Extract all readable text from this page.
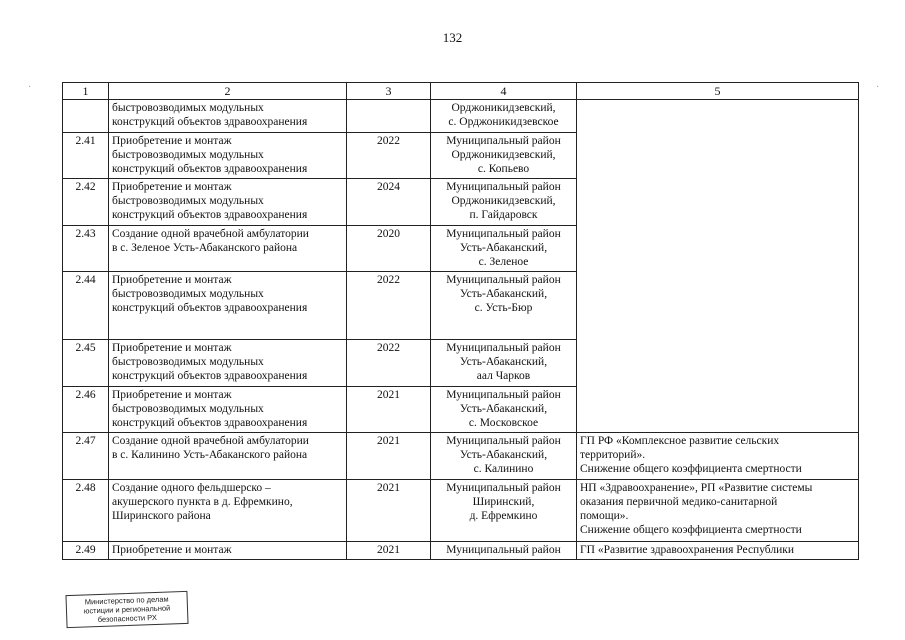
132
·	·
1	2	3	4	5

	быстровозводимых модульных
конструкций объектов здравоохранения		Орджоникидзевский,
с. Орджоникидзевское	

2.41	Приобретение и монтаж
быстровозводимых модульных
конструкций объектов здравоохранения	2022	Муниципальный район
Орджоникидзевский,
с. Копьево	

2.42	Приобретение и монтаж
быстровозводимых модульных
конструкций объектов здравоохранения	2024	Муниципальный район
Орджоникидзевский,
п. Гайдаровск	

2.43	Создание одной врачебной амбулатории
в с. Зеленое Усть-Абаканского района	2020	Муниципальный район
Усть-Абаканский,
с. Зеленое	

2.44	Приобретение и монтаж
быстровозводимых модульных
конструкций объектов здравоохранения	2022	Муниципальный район
Усть-Абаканский,
с. Усть-Бюр	

2.45	Приобретение и монтаж
быстровозводимых модульных
конструкций объектов здравоохранения	2022	Муниципальный район
Усть-Абаканский,
аал Чарков	

2.46	Приобретение и монтаж
быстровозводимых модульных
конструкций объектов здравоохранения	2021	Муниципальный район
Усть-Абаканский,
с. Московское	

2.47	Создание одной врачебной амбулатории
в с. Калинино Усть-Абаканского района	2021	Муниципальный район
Усть-Абаканский,
с. Калинино	ГП РФ «Комплексное развитие сельских
территорий».
Снижение общего коэффициента смертности

2.48	Создание одного фельдшерско –
акушерского пункта в д. Ефремкино,
Ширинского района	2021	Муниципальный район
Ширинский,
д. Ефремкино	НП «Здравоохранение», РП «Развитие системы
оказания первичной медико-санитарной
помощи».
Снижение общего коэффициента смертности

2.49	Приобретение и монтаж	2021	Муниципальный район	ГП «Развитие здравоохранения Республики
Министерство по делам
юстиции и региональной
безопасности РХ
